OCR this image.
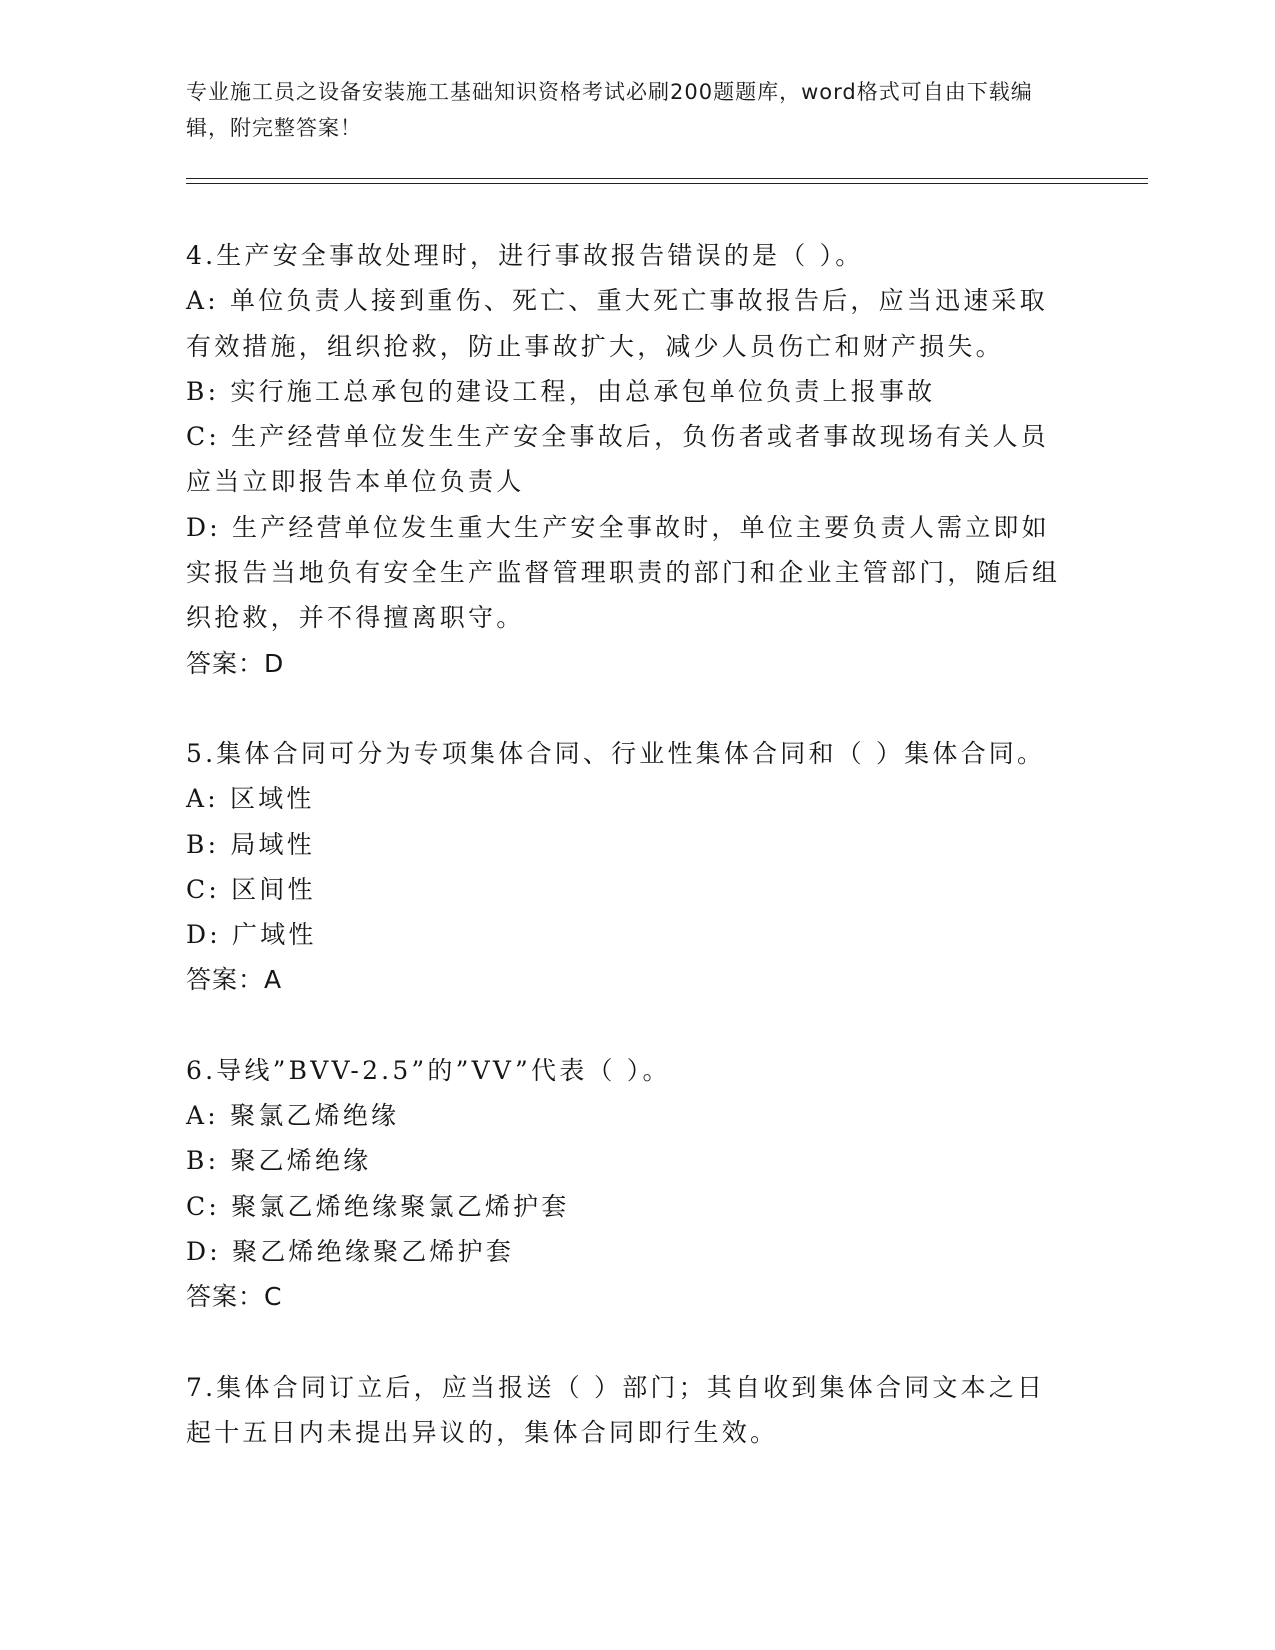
专业施工员之设备安装施工基础知识资格考试必刷200题题库，word格式可自由下载编辑，附完整答案！
4.生产安全事故处理时，进行事故报告错误的是（ ）。
A: 单位负责人接到重伤、死亡、重大死亡事故报告后，应当迅速采取有效措施，组织抢救，防止事故扩大，减少人员伤亡和财产损失。
B: 实行施工总承包的建设工程，由总承包单位负责上报事故
C: 生产经营单位发生生产安全事故后，负伤者或者事故现场有关人员应当立即报告本单位负责人
D: 生产经营单位发生重大生产安全事故时，单位主要负责人需立即如实报告当地负有安全生产监督管理职责的部门和企业主管部门，随后组织抢救，并不得擅离职守。
答案：D
5.集体合同可分为专项集体合同、行业性集体合同和（ ）集体合同。
A: 区域性
B: 局域性
C: 区间性
D: 广域性
答案：A
6.导线”BVV-2.5”的”VV”代表（ ）。
A: 聚氯乙烯绝缘
B: 聚乙烯绝缘
C: 聚氯乙烯绝缘聚氯乙烯护套
D: 聚乙烯绝缘聚乙烯护套
答案：C
7.集体合同订立后，应当报送（ ）部门；其自收到集体合同文本之日起十五日内未提出异议的，集体合同即行生效。
